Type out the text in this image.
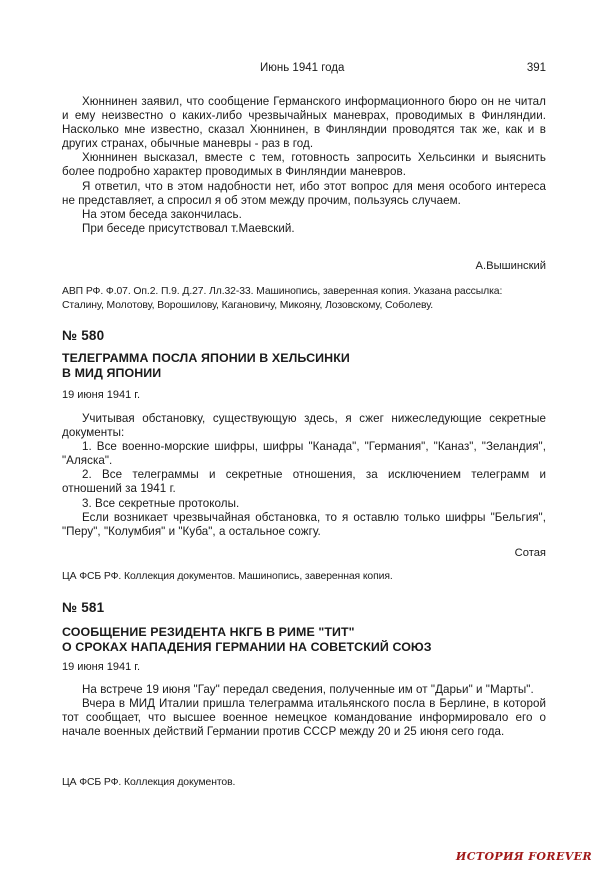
Июнь 1941 года	391

Хюннинен заявил, что сообщение Германского информационного бюро он не читал и ему неизвестно о каких-либо чрезвычайных маневрах, проводимых в Финляндии. Насколько мне известно, сказал Хюннинен, в Финляндии проводятся так же, как и в других странах, обычные маневры - раз в год.

Хюннинен высказал, вместе с тем, готовность запросить Хельсинки и выяснить более подробно характер проводимых в Финляндии маневров.

Я ответил, что в этом надобности нет, ибо этот вопрос для меня особого интереса не представляет, а спросил я об этом между прочим, пользуясь случаем.

На этом беседа закончилась.

При беседе присутствовал т.Маевский.

А.Вышинский
АВП РФ. Ф.07. Оп.2. П.9. Д.27. Лл.32-33. Машинопись, заверенная копия. Указана рассылка: Сталину, Молотову, Ворошилову, Кагановичу, Микояну, Лозовскому, Соболеву.
№ 580
ТЕЛЕГРАММА ПОСЛА ЯПОНИИ В ХЕЛЬСИНКИ
В МИД ЯПОНИИ
19 июня 1941 г.

Учитывая обстановку, существующую здесь, я сжег нижеследующие секретные документы:

1. Все военно-морские шифры, шифры "Канада", "Германия", "Каназ", "Зеландия", "Аляска".

2. Все телеграммы и секретные отношения, за исключением телеграмм и отношений за 1941 г.

3. Все секретные протоколы.

Если возникает чрезвычайная обстановка, то я оставлю только шифры "Бельгия", "Перу", "Колумбия" и "Куба", а остальное сожгу.

Сотая
ЦА ФСБ РФ. Коллекция документов. Машинопись, заверенная копия.
№ 581
СООБЩЕНИЕ РЕЗИДЕНТА НКГБ В РИМЕ "ТИТ"
О СРОКАХ НАПАДЕНИЯ ГЕРМАНИИ НА СОВЕТСКИЙ СОЮЗ
19 июня 1941 г.

На встрече 19 июня "Гау" передал сведения, полученные им от "Дарьи" и "Марты".

Вчера в МИД Италии пришла телеграмма итальянского посла в Берлине, в которой тот сообщает, что высшее военное немецкое командование информировало его о начале военных действий Германии против СССР между 20 и 25 июня сего года.

ЦА ФСБ РФ. Коллекция документов.
ИСТОРИЯ FOREVER
